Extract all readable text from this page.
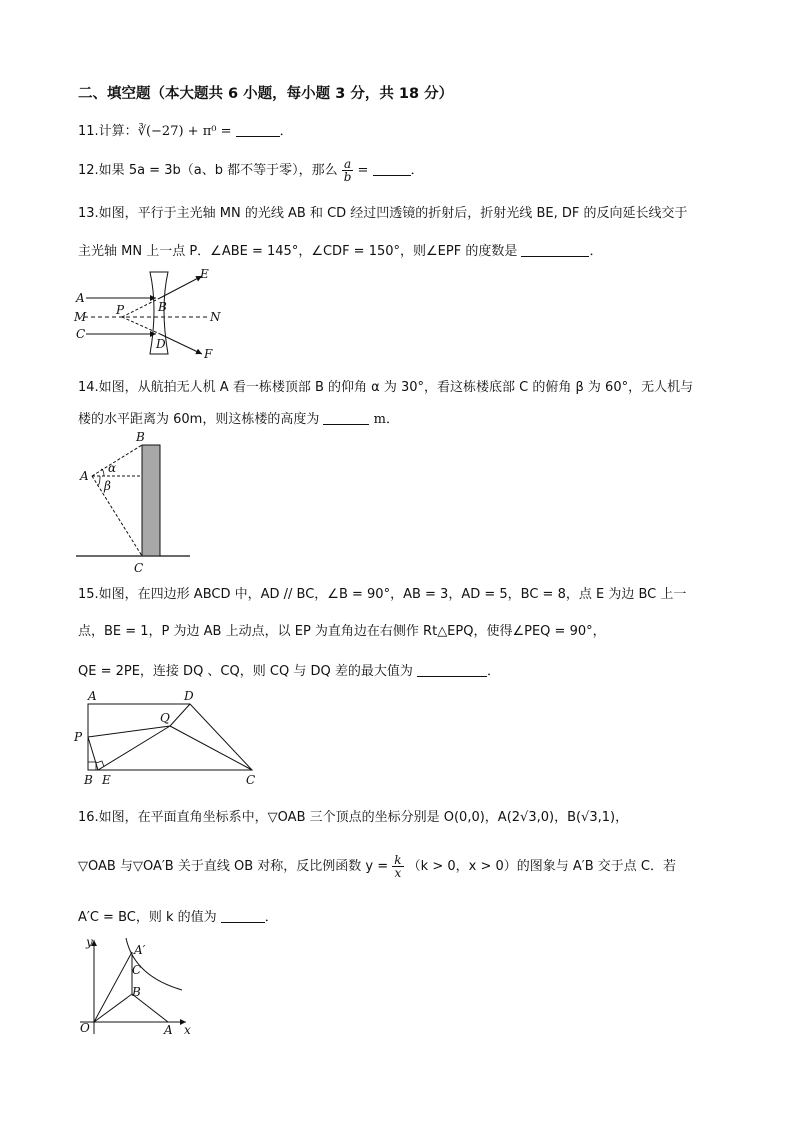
二、填空题（本大题共 6 小题，每小题 3 分，共 18 分）
11.计算：∛(−27) + π⁰ =	．
12.如果 5a = 3b（a、b 都不等于零），那么 $\frac{a}{b}$ =	．
13.如图，平行于主光轴 MN 的光线 AB 和 CD 经过凹透镜的折射后，折射光线 BE, DF 的反向延长线交于
主光轴 MN 上一点 P．∠ABE = 145°，∠CDF = 150°，则∠EPF 的度数是	．
A
M
C
P	B
D
E
N
F
14.如图，从航拍无人机 A 看一栋楼顶部 B 的仰角 α 为 30°，看这栋楼底部 C 的俯角 β 为 60°，无人机与
楼的水平距离为 60m，则这栋楼的高度为	m．
B
A
α
β
C
15.如图，在四边形 ABCD 中，AD // BC，∠B = 90°，AB = 3，AD = 5，BC = 8，点 E 为边 BC 上一
点，BE = 1，P 为边 AB 上动点，以 EP 为直角边在右侧作 Rt△EPQ，使得∠PEQ = 90°，
QE = 2PE，连接 DQ 、CQ，则 CQ 与 DQ 差的最大值为	．
A	D
Q
P
B E	C
16.如图，在平面直角坐标系中，▽OAB 三个顶点的坐标分别是 O(0,0)，A(2√3,0)，B(√3,1)，
▽OAB 与▽OA′B 关于直线 OB 对称，反比例函数 $y = \frac{k}{x} (k > 0$，x > 0）的图象与 A′B 交于点 C．若
A′C = BC，则 k 的值为	．
y
A′
C
B
O	A x
